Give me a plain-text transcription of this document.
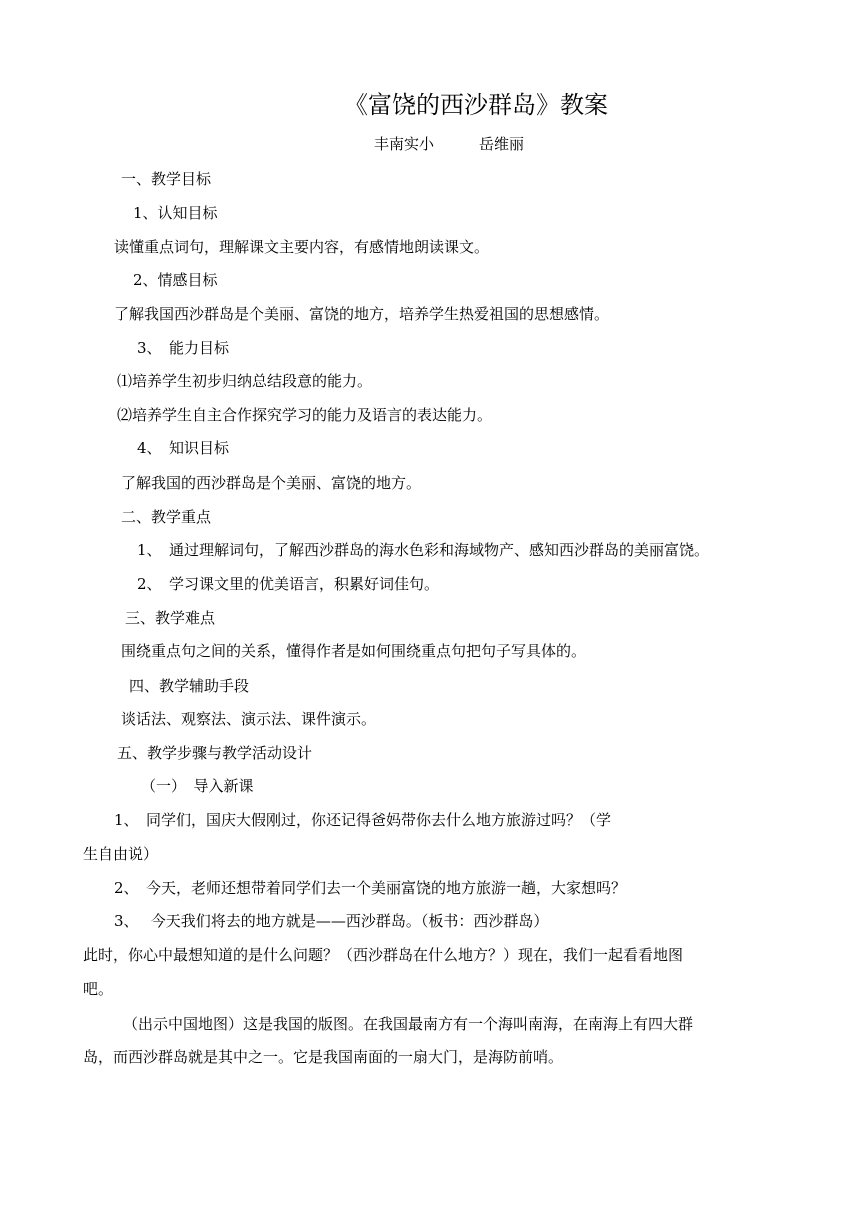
《富饶的西沙群岛》教案
丰南实小　　　岳维丽
一、教学目标
1、认知目标
读懂重点词句，理解课文主要内容，有感情地朗读课文。
2、情感目标
了解我国西沙群岛是个美丽、富饶的地方，培养学生热爱祖国的思想感情。
3、　能力目标
⑴培养学生初步归纳总结段意的能力。
⑵培养学生自主合作探究学习的能力及语言的表达能力。
4、　知识目标
了解我国的西沙群岛是个美丽、富饶的地方。
二、教学重点
1、　通过理解词句，了解西沙群岛的海水色彩和海域物产、感知西沙群岛的美丽富饶。
2、　学习课文里的优美语言，积累好词佳句。
三、教学难点
围绕重点句之间的关系，懂得作者是如何围绕重点句把句子写具体的。
四、教学辅助手段
谈话法、观察法、演示法、课件演示。
五、教学步骤与教学活动设计
（一）　导入新课
1、　同学们，国庆大假刚过，你还记得爸妈带你去什么地方旅游过吗？（学
生自由说）
2、　今天，老师还想带着同学们去一个美丽富饶的地方旅游一趟，大家想吗？
3、　 今天我们将去的地方就是——西沙群岛。（板书：西沙群岛）
此时，你心中最想知道的是什么问题？（西沙群岛在什么地方？）现在，我们一起看看地图
吧。
（出示中国地图）这是我国的版图。在我国最南方有一个海叫南海，在南海上有四大群
岛，而西沙群岛就是其中之一。它是我国南面的一扇大门，是海防前哨。
